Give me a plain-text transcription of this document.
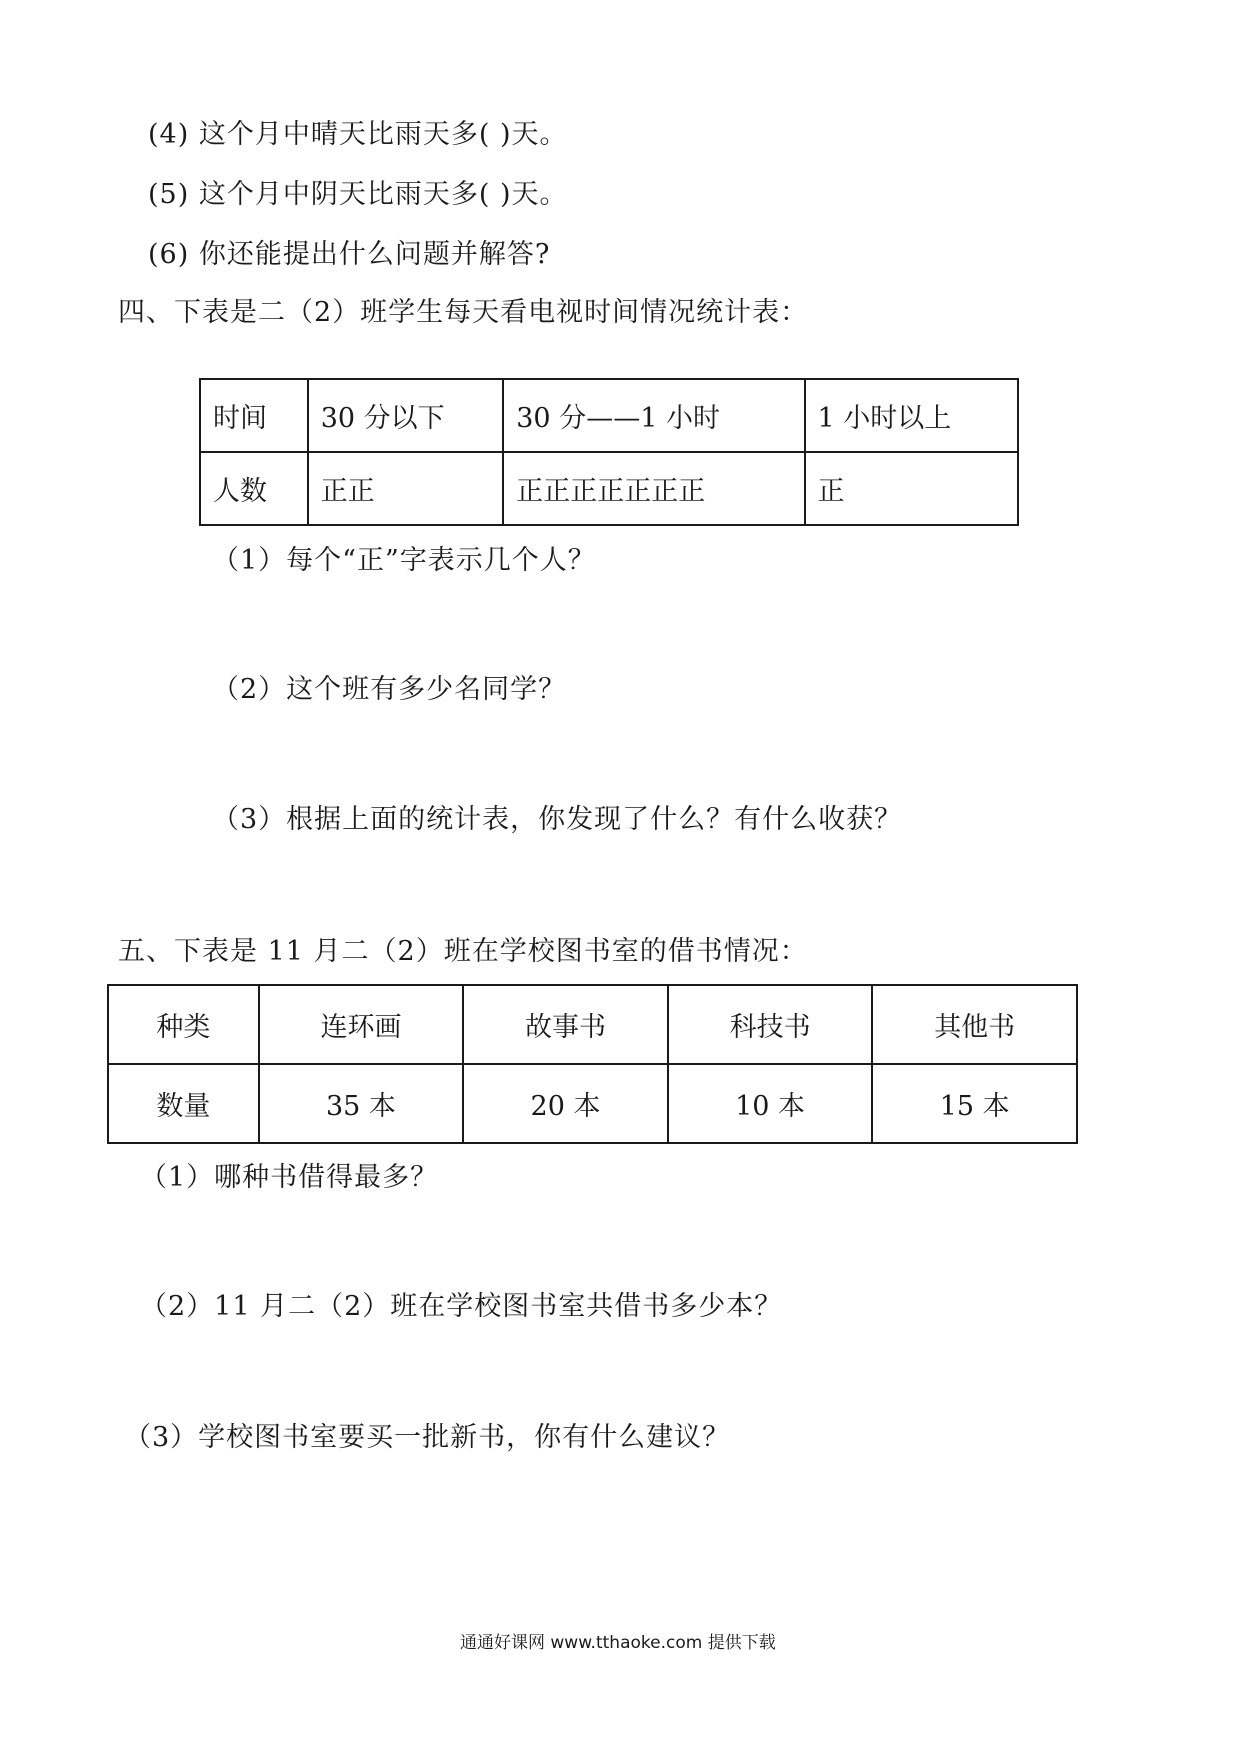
(4) 这个月中晴天比雨天多( )天。
(5) 这个月中阴天比雨天多( )天。
(6) 你还能提出什么问题并解答?
四、下表是二（2）班学生每天看电视时间情况统计表：
时间	30 分以下	30 分——1 小时	1 小时以上
人数	正正	正正正正正正正	正
（1）每个“正”字表示几个人？
（2）这个班有多少名同学？
（3）根据上面的统计表，你发现了什么？有什么收获？
五、下表是 11 月二（2）班在学校图书室的借书情况：
种类	连环画	故事书	科技书	其他书
数量	35 本	20 本	10 本	15 本
（1）哪种书借得最多？
（2）11 月二（2）班在学校图书室共借书多少本？
（3）学校图书室要买一批新书，你有什么建议？
通通好课网 www.tthaoke.com 提供下载
